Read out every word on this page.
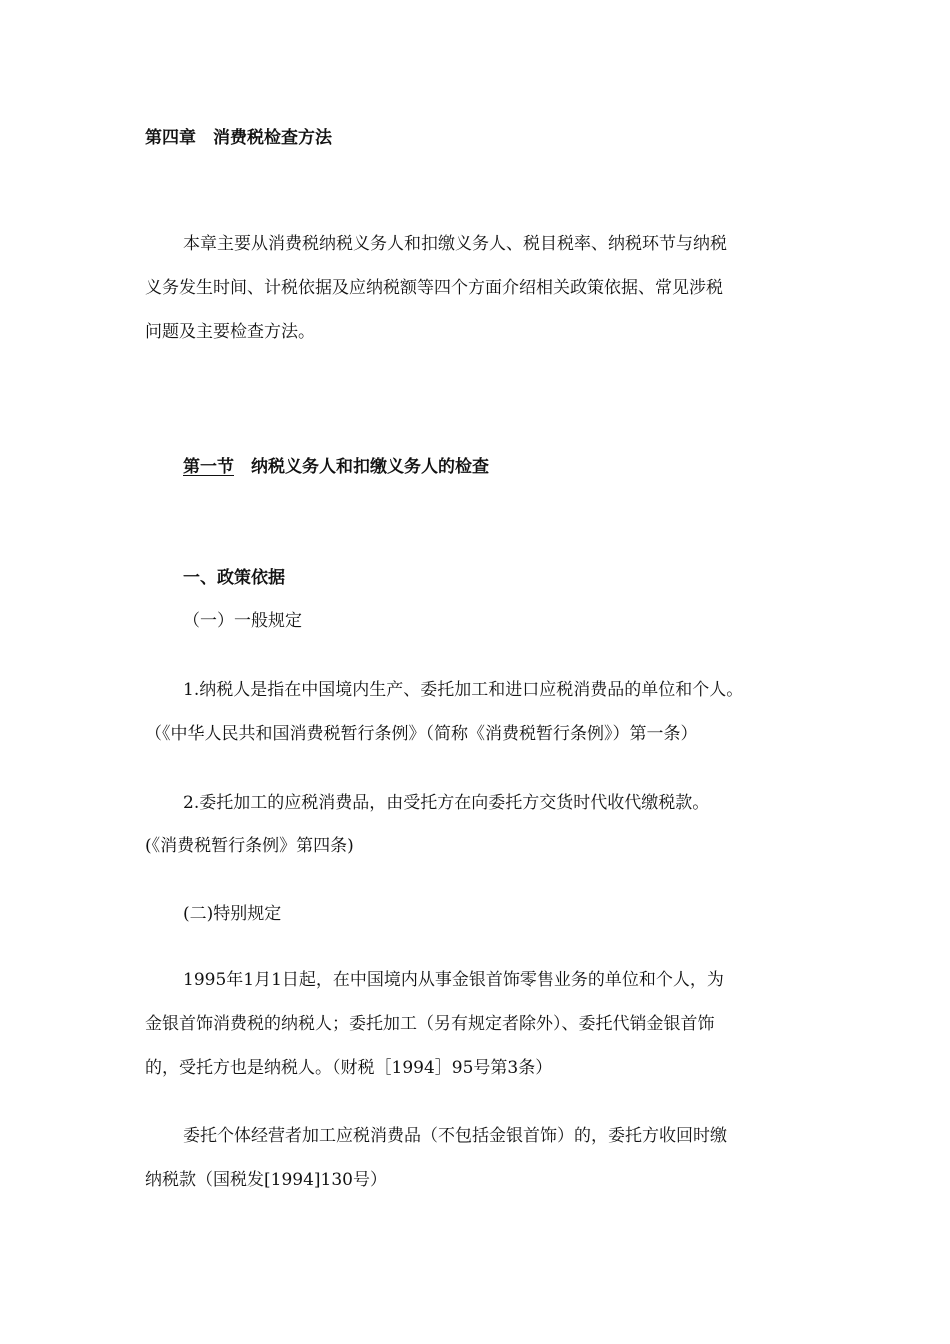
第四章　消费税检查方法
本章主要从消费税纳税义务人和扣缴义务人、税目税率、纳税环节与纳税
义务发生时间、计税依据及应纳税额等四个方面介绍相关政策依据、常见涉税
问题及主要检查方法。
第一节　 纳税义务人和扣缴义务人的检查
一、政策依据
（一）一般规定
1.纳税人是指在中国境内生产、委托加工和进口应税消费品的单位和个人。
（《中华人民共和国消费税暂行条例》（简称《消费税暂行条例》）第一条）
2.委托加工的应税消费品，由受托方在向委托方交货时代收代缴税款。
(《消费税暂行条例》第四条)
(二)特别规定
1995年1月1日起，在中国境内从事金银首饰零售业务的单位和个人，为
金银首饰消费税的纳税人；委托加工（另有规定者除外）、委托代销金银首饰
的，受托方也是纳税人。（财税［1994］95号第3条）
委托个体经营者加工应税消费品（不包括金银首饰）的，委托方收回时缴
纳税款（国税发[1994]130号）
